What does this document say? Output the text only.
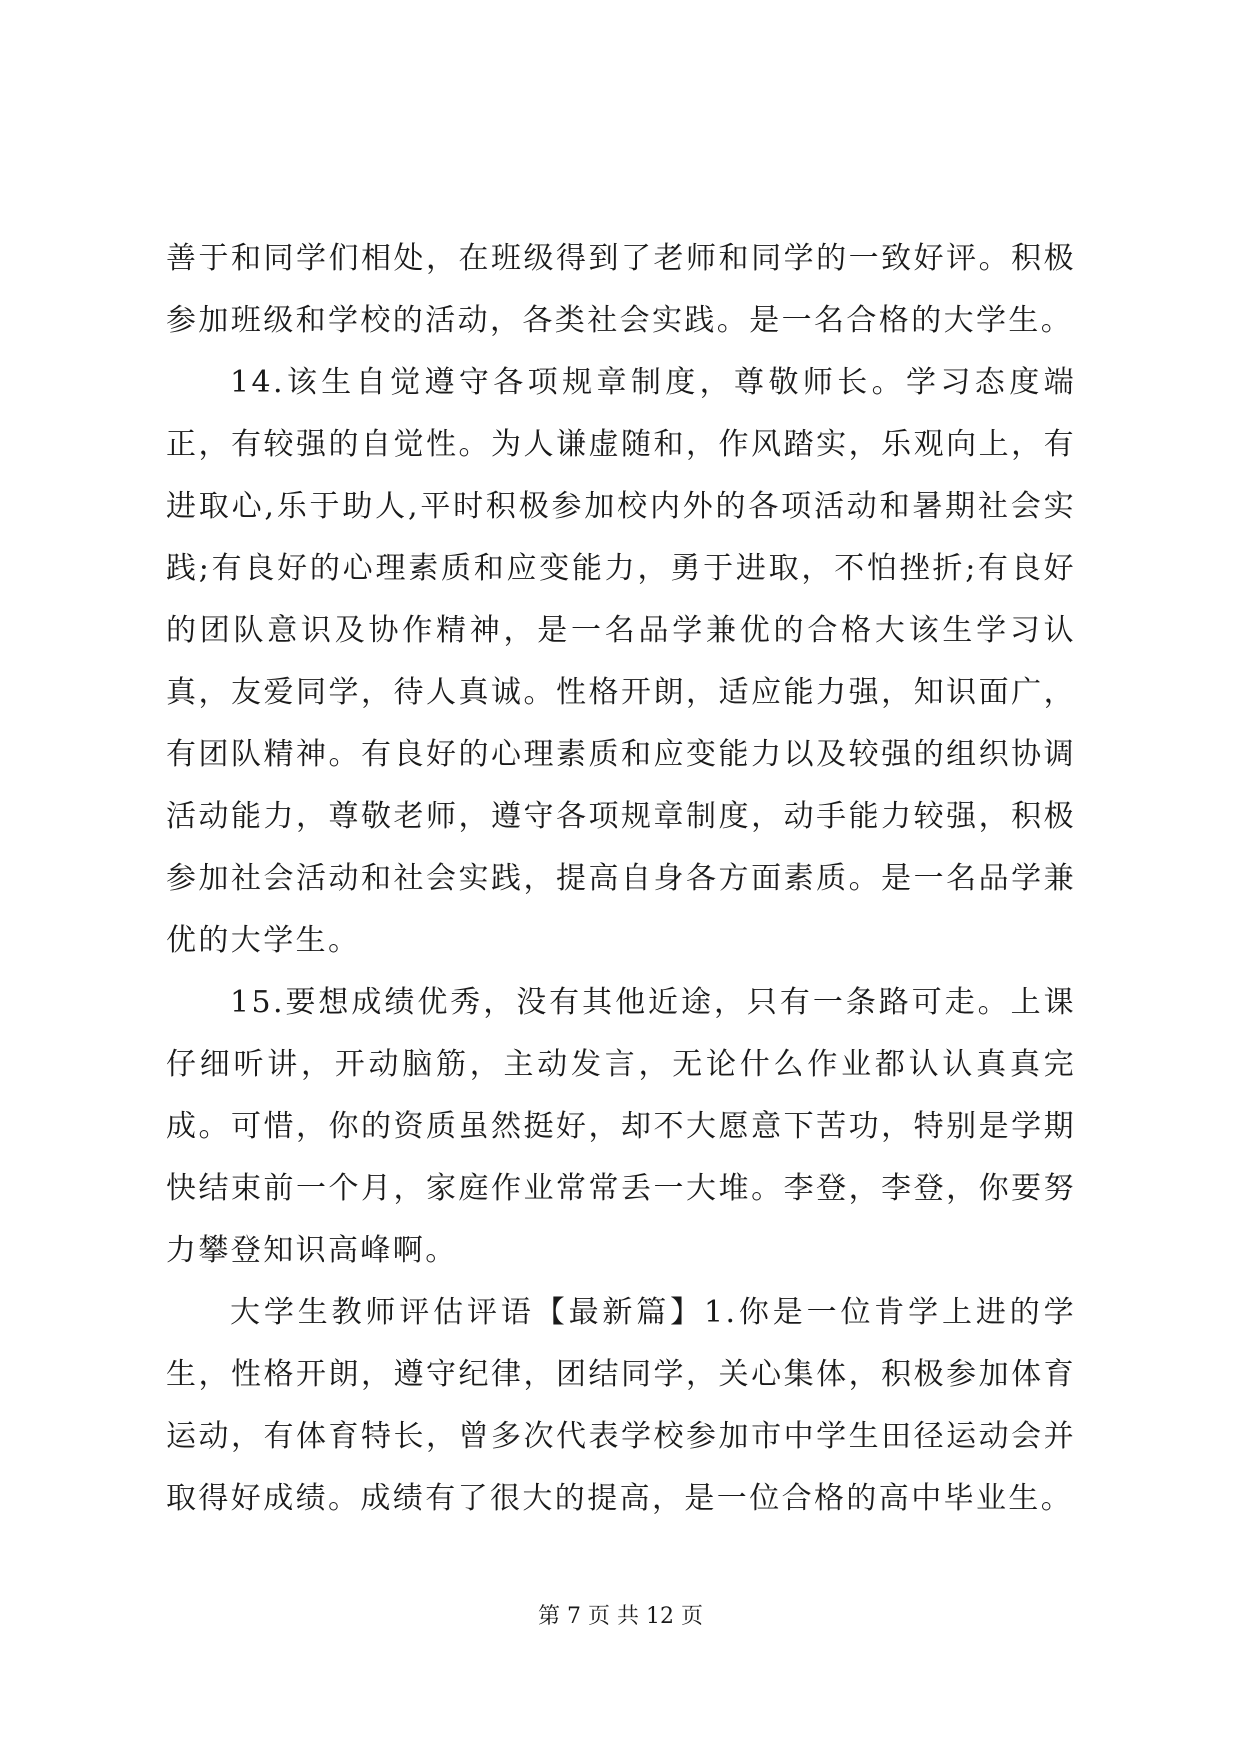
善于和同学们相处，在班级得到了老师和同学的一致好评。积极参加班级和学校的活动，各类社会实践。是一名合格的大学生。

14.该生自觉遵守各项规章制度，尊敬师长。学习态度端正，有较强的自觉性。为人谦虚随和，作风踏实，乐观向上，有进取心,乐于助人,平时积极参加校内外的各项活动和暑期社会实践;有良好的心理素质和应变能力，勇于进取，不怕挫折;有良好的团队意识及协作精神，是一名品学兼优的合格大该生学习认真，友爱同学，待人真诚。性格开朗，适应能力强，知识面广，有团队精神。有良好的心理素质和应变能力以及较强的组织协调活动能力，尊敬老师，遵守各项规章制度，动手能力较强，积极参加社会活动和社会实践，提高自身各方面素质。是一名品学兼优的大学生。

15.要想成绩优秀，没有其他近途，只有一条路可走。上课仔细听讲，开动脑筋，主动发言，无论什么作业都认认真真完成。可惜，你的资质虽然挺好，却不大愿意下苦功，特别是学期快结束前一个月，家庭作业常常丢一大堆。李登，李登，你要努力攀登知识高峰啊。

大学生教师评估评语【最新篇】1.你是一位肯学上进的学生，性格开朗，遵守纪律，团结同学，关心集体，积极参加体育运动，有体育特长，曾多次代表学校参加市中学生田径运动会并取得好成绩。成绩有了很大的提高，是一位合格的高中毕业生。

第 7 页 共 12 页
